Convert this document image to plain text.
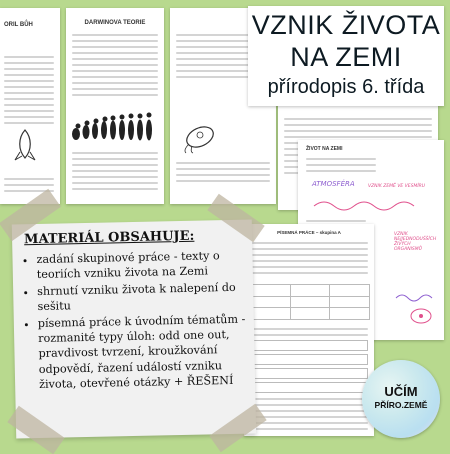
ORIL BŮH	DARWINOVA TEORIE
ŽIVOT NA ZEMI
ATMOSFÉRA	VZNIK ZEMĚ VE VESMÍRU
VZNIK NEJJEDNODUŠŠÍCH ŽIVÝCH ORGANISMŮ
PÍSEMNÁ PRÁCE – skupina A
VZNIK ŽIVOTA
NA ZEMI
přírodopis 6. třída
MATERIÁL OBSAHUJE:
• zadání skupinové práce - texty o teoriích vzniku života na Zemi
• shrnutí vzniku života k nalepení do sešitu
• písemná práce k úvodním tématům - rozmanité typy úloh: odd one out, pravdivost tvrzení, kroužkování odpovědí, řazení událostí vzniku života, otevřené otázky + ŘEŠENÍ
UČÍM
PŘÍRO.ZEMĚ
